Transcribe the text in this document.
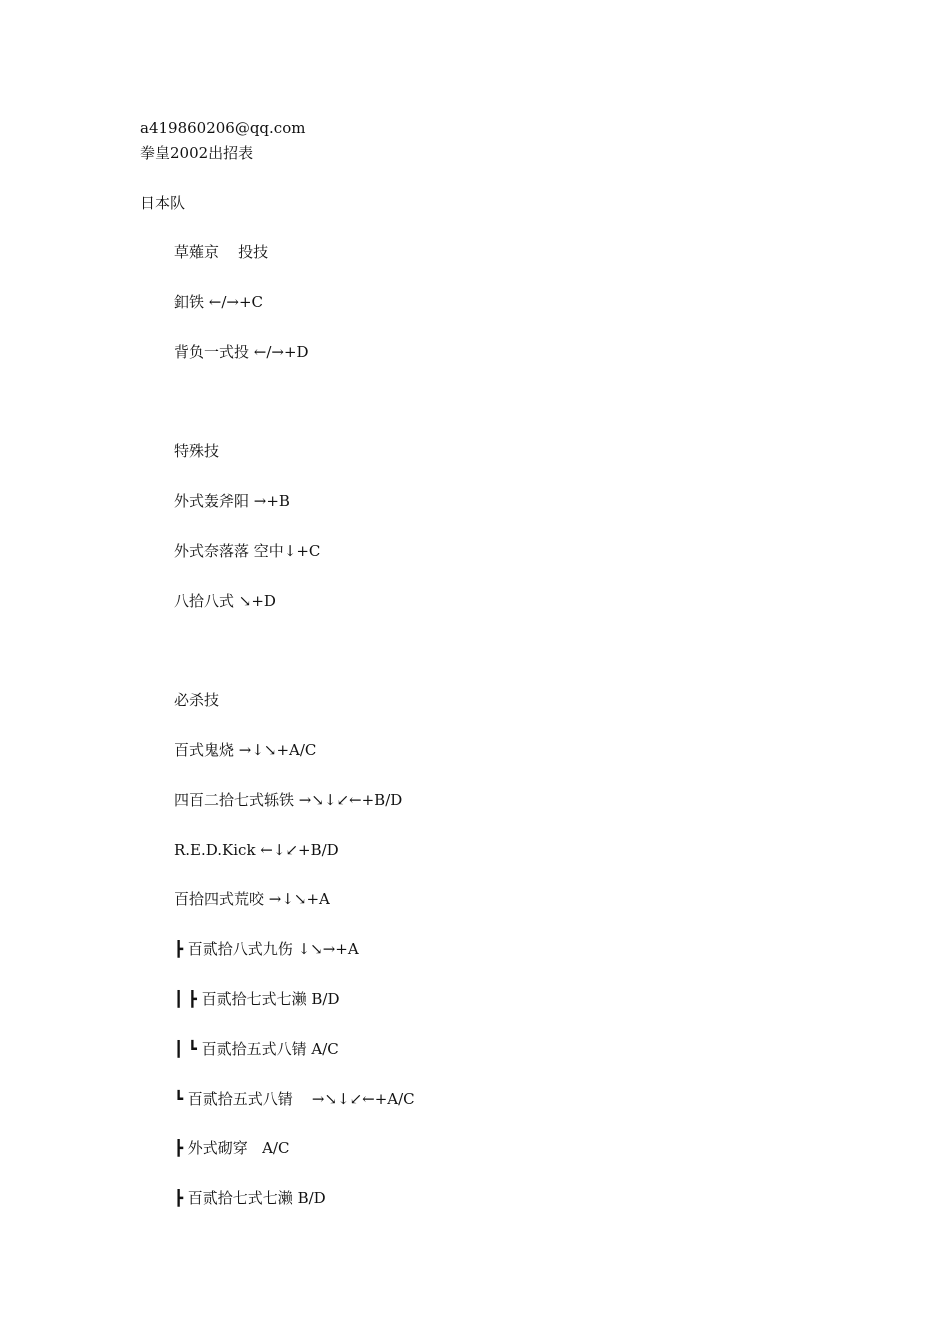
a419860206@qq.com
拳皇2002出招表
日本队
草薙京    投技
釦铁 ←/→+C
背负一式投 ←/→+D
特殊技
外式轰斧阳 →+B
外式奈落落 空中↓+C
八拾八式 ↘+D
必杀技
百式鬼烧 →↓↘+A/C
四百二拾七式轹铁 →↘↓↙←+B/D
R.E.D.Kick ←↓↙+B/D
百拾四式荒咬 →↓↘+A
┣ 百贰拾八式九伤 ↓↘→+A
┃ ┣ 百贰拾七式七濑 B/D
┃ ┗ 百贰拾五式八锖 A/C
┗ 百贰拾五式八锖    →↘↓↙←+A/C
┣ 外式砌穿   A/C
┣ 百贰拾七式七濑 B/D
